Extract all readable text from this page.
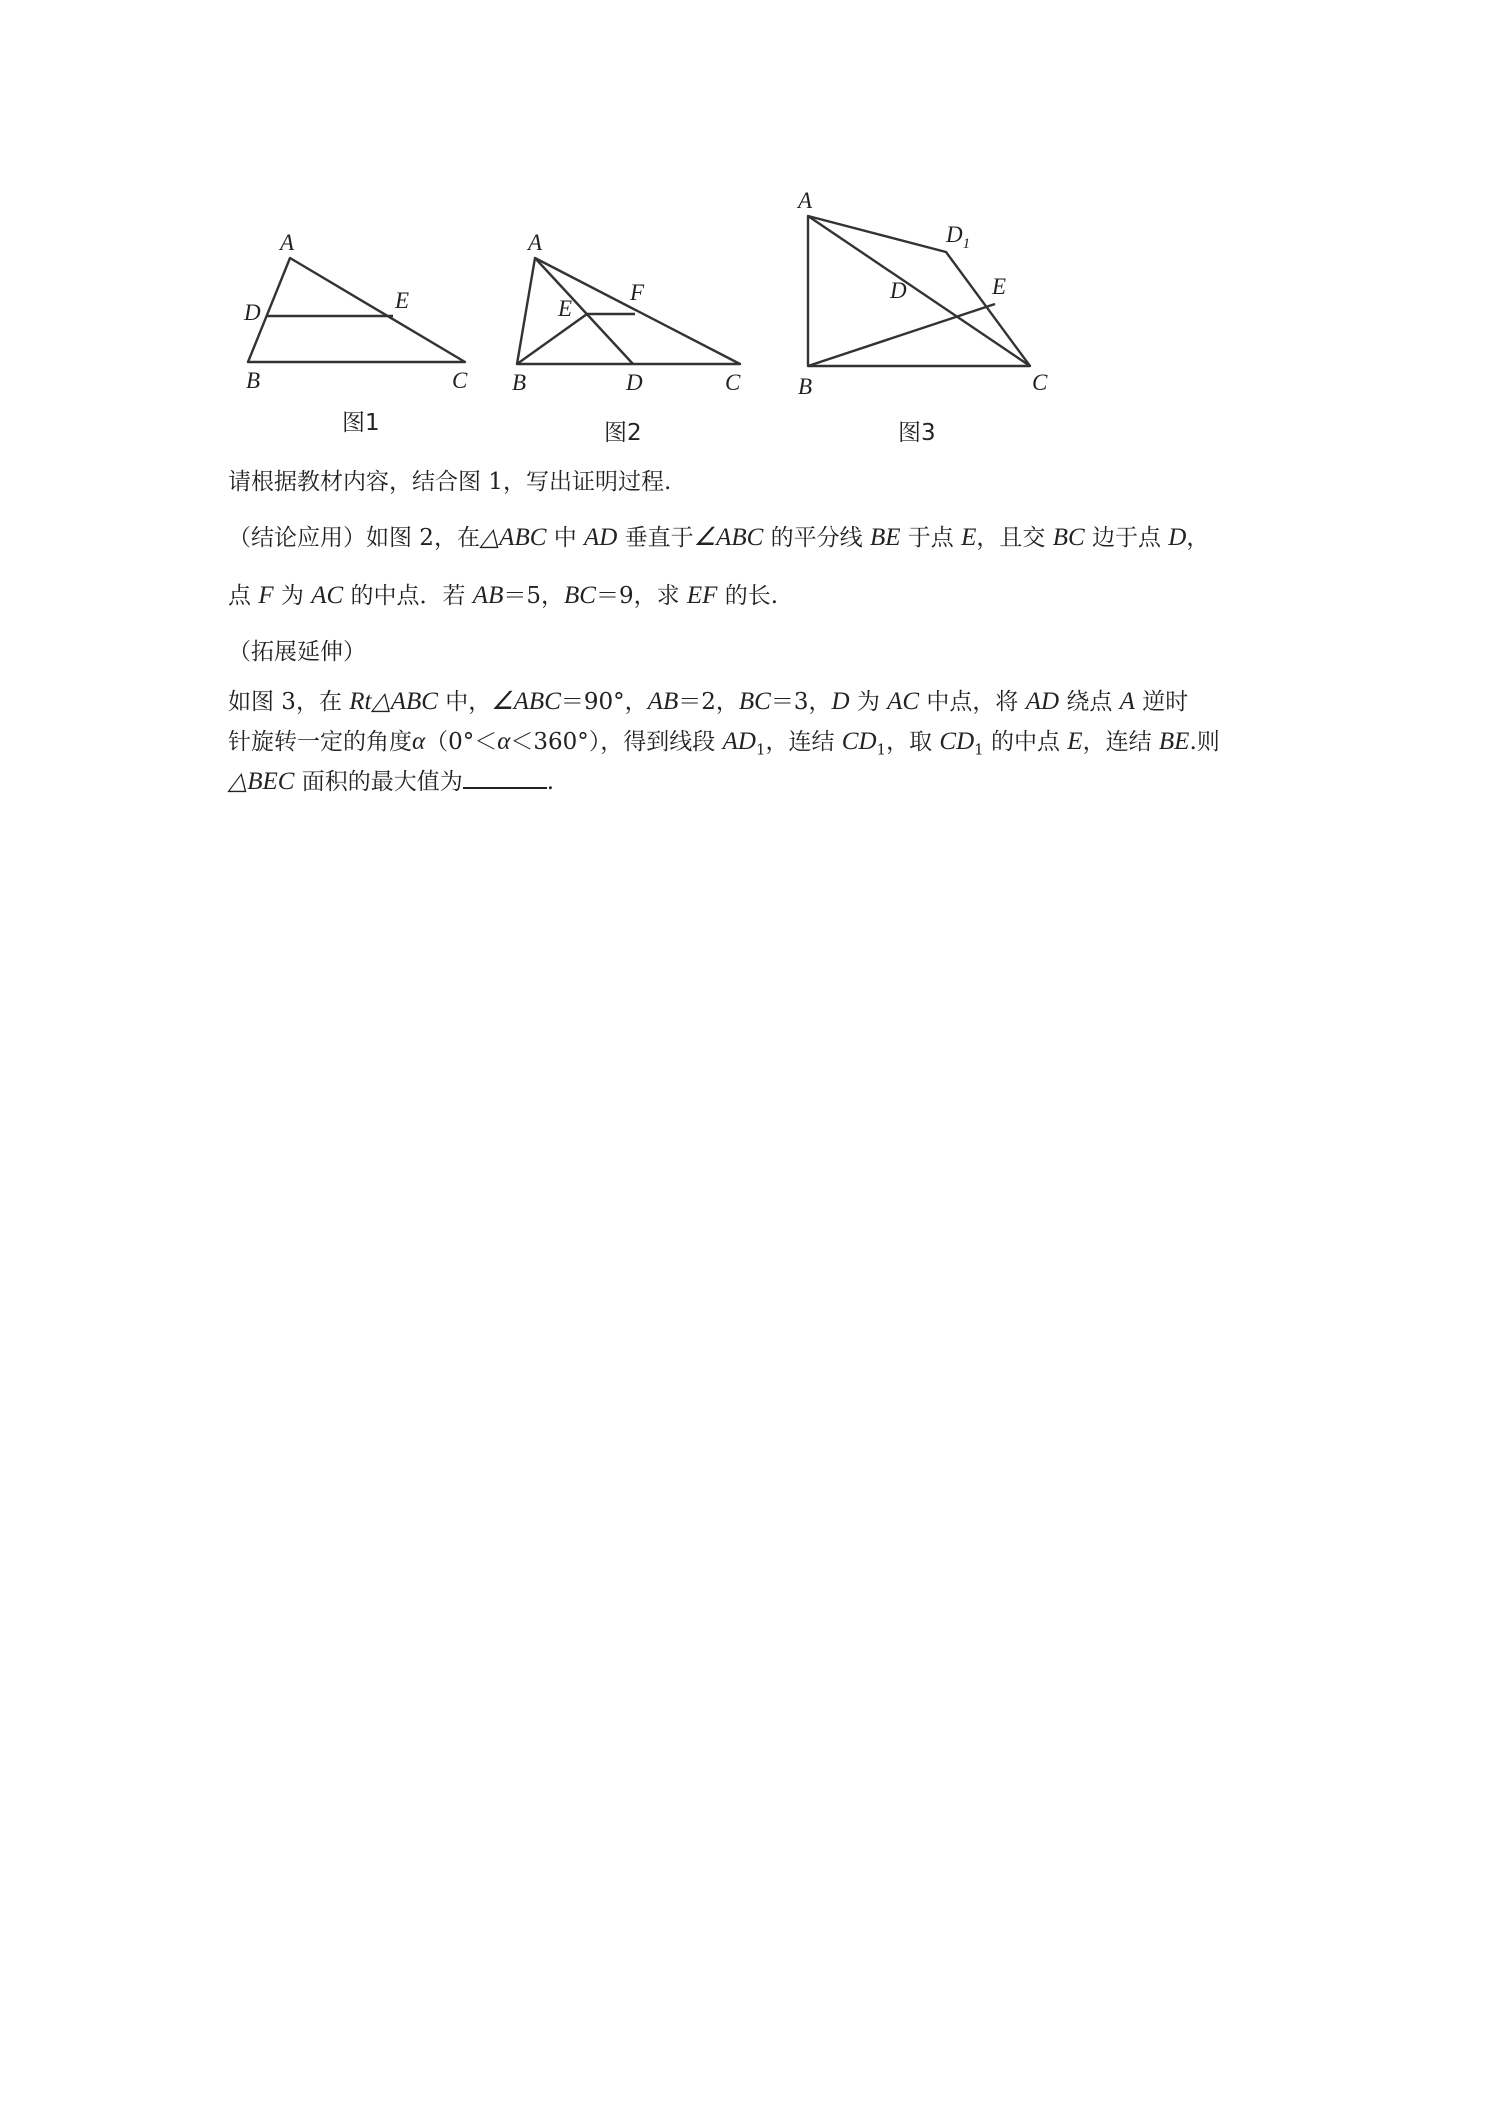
A
B	C
D	E
图1
A
B	C
D
E
F
图2
A
B	C
D
$D_1$
E
图3

请根据教材内容，结合图 1，写出证明过程.

（结论应用）如图 2，在△ABC 中 AD 垂直于∠ABC 的平分线 BE 于点 E，且交 BC 边于点 D，

点 F 为 AC 的中点．若 AB＝5，BC＝9，求 EF 的长.

（拓展延伸）

如图 3，在 Rt△ABC 中，∠ABC＝90°，AB＝2，BC＝3，D 为 AC 中点，将 AD 绕点 A 逆时

针旋转一定的角度α（0°＜α＜360°），得到线段 $AD_1$，连结 $CD_1$，取 $CD_1$ 的中点 E，连结 BE.则

△BEC 面积的最大值为	.
